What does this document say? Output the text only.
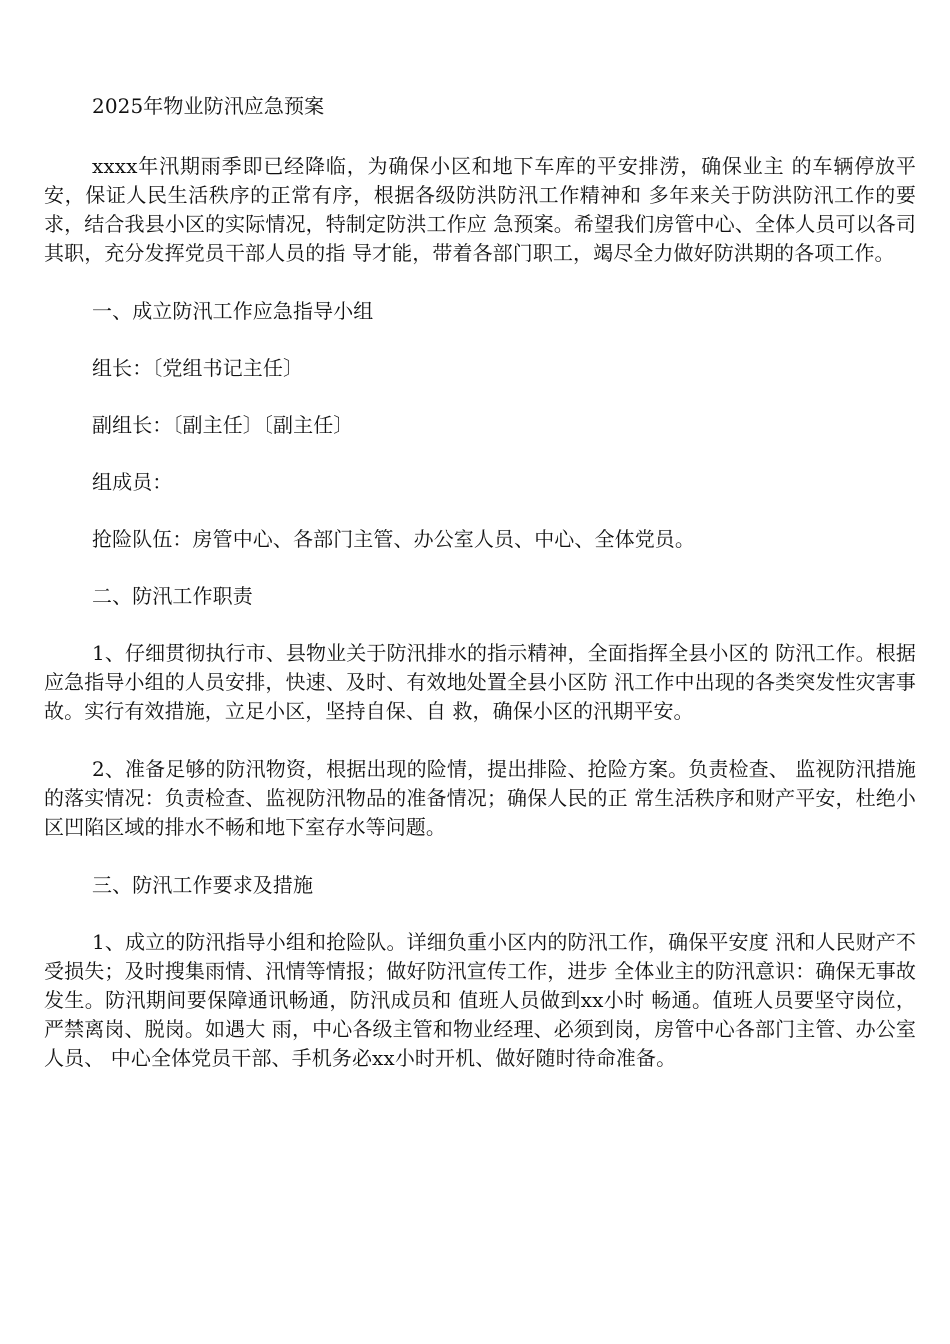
2025年物业防汛应急预案

xxxx年汛期雨季即已经降临，为确保小区和地下车库的平安排涝，确保业主 的车辆停放平安，保证人民生活秩序的正常有序，根据各级防洪防汛工作精神和 多年来关于防洪防汛工作的要求，结合我县小区的实际情况，特制定防洪工作应 急预案。希望我们房管中心、全体人员可以各司其职，充分发挥党员干部人员的指 导才能，带着各部门职工，竭尽全力做好防洪期的各项工作。

一、成立防汛工作应急指导小组

组长：〔党组书记主任〕

副组长：〔副主任〕〔副主任〕

组成员：

抢险队伍：房管中心、各部门主管、办公室人员、中心、全体党员。

二、防汛工作职责

1、仔细贯彻执行市、县物业关于防汛排水的指示精神，全面指挥全县小区的 防汛工作。根据应急指导小组的人员安排，快速、及时、有效地处置全县小区防 汛工作中出现的各类突发性灾害事故。实行有效措施，立足小区，坚持自保、自 救，确保小区的汛期平安。

2、准备足够的防汛物资，根据出现的险情，提出排险、抢险方案。负责检查、 监视防汛措施的落实情况：负责检查、监视防汛物品的准备情况；确保人民的正 常生活秩序和财产平安，杜绝小区凹陷区域的排水不畅和地下室存水等问题。

三、防汛工作要求及措施

1、成立的防汛指导小组和抢险队。详细负重小区内的防汛工作，确保平安度 汛和人民财产不受损失；及时搜集雨情、汛情等情报；做好防汛宣传工作，进步 全体业主的防汛意识：确保无事故发生。防汛期间要保障通讯畅通，防汛成员和 值班人员做到xx小时 畅通。值班人员要坚守岗位，严禁离岗、脱岗。如遇大 雨，中心各级主管和物业经理、必须到岗，房管中心各部门主管、办公室人员、 中心全体党员干部、手机务必xx小时开机、做好随时待命准备。
